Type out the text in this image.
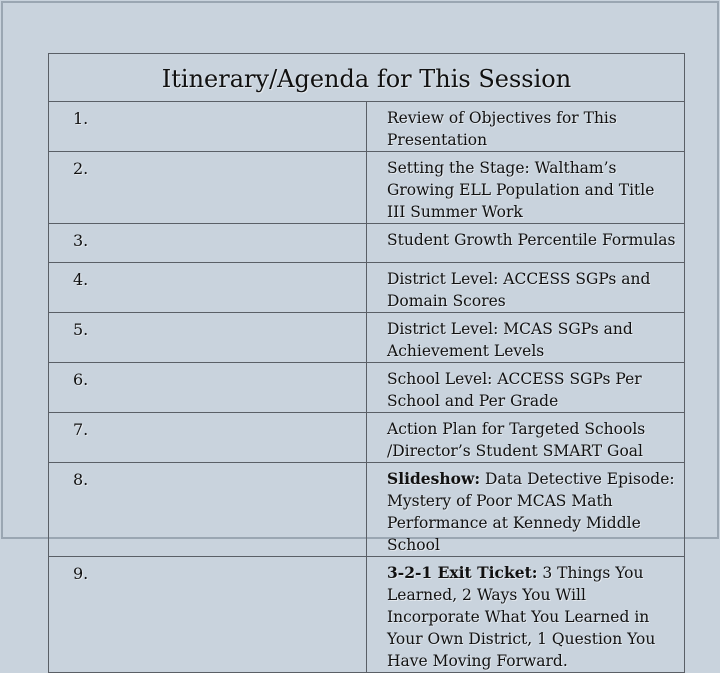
Itinerary/Agenda for This Session	
1.	Review of Objectives for This Presentation
2.	Setting the Stage: Waltham’s Growing ELL Population and Title III Summer Work
3.	Student Growth Percentile Formulas
4.	District Level: ACCESS SGPs and Domain Scores
5.	District Level: MCAS SGPs and Achievement Levels
6.	School Level: ACCESS SGPs Per School and Per Grade
7.	Action Plan for Targeted Schools /Director’s Student SMART Goal
8.	Slideshow: Data Detective Episode: Mystery of Poor MCAS Math Performance at Kennedy Middle School
9.	3-2-1 Exit Ticket: 3 Things You Learned, 2 Ways You Will Incorporate What You Learned in Your Own District, 1 Question You Have Moving Forward.
